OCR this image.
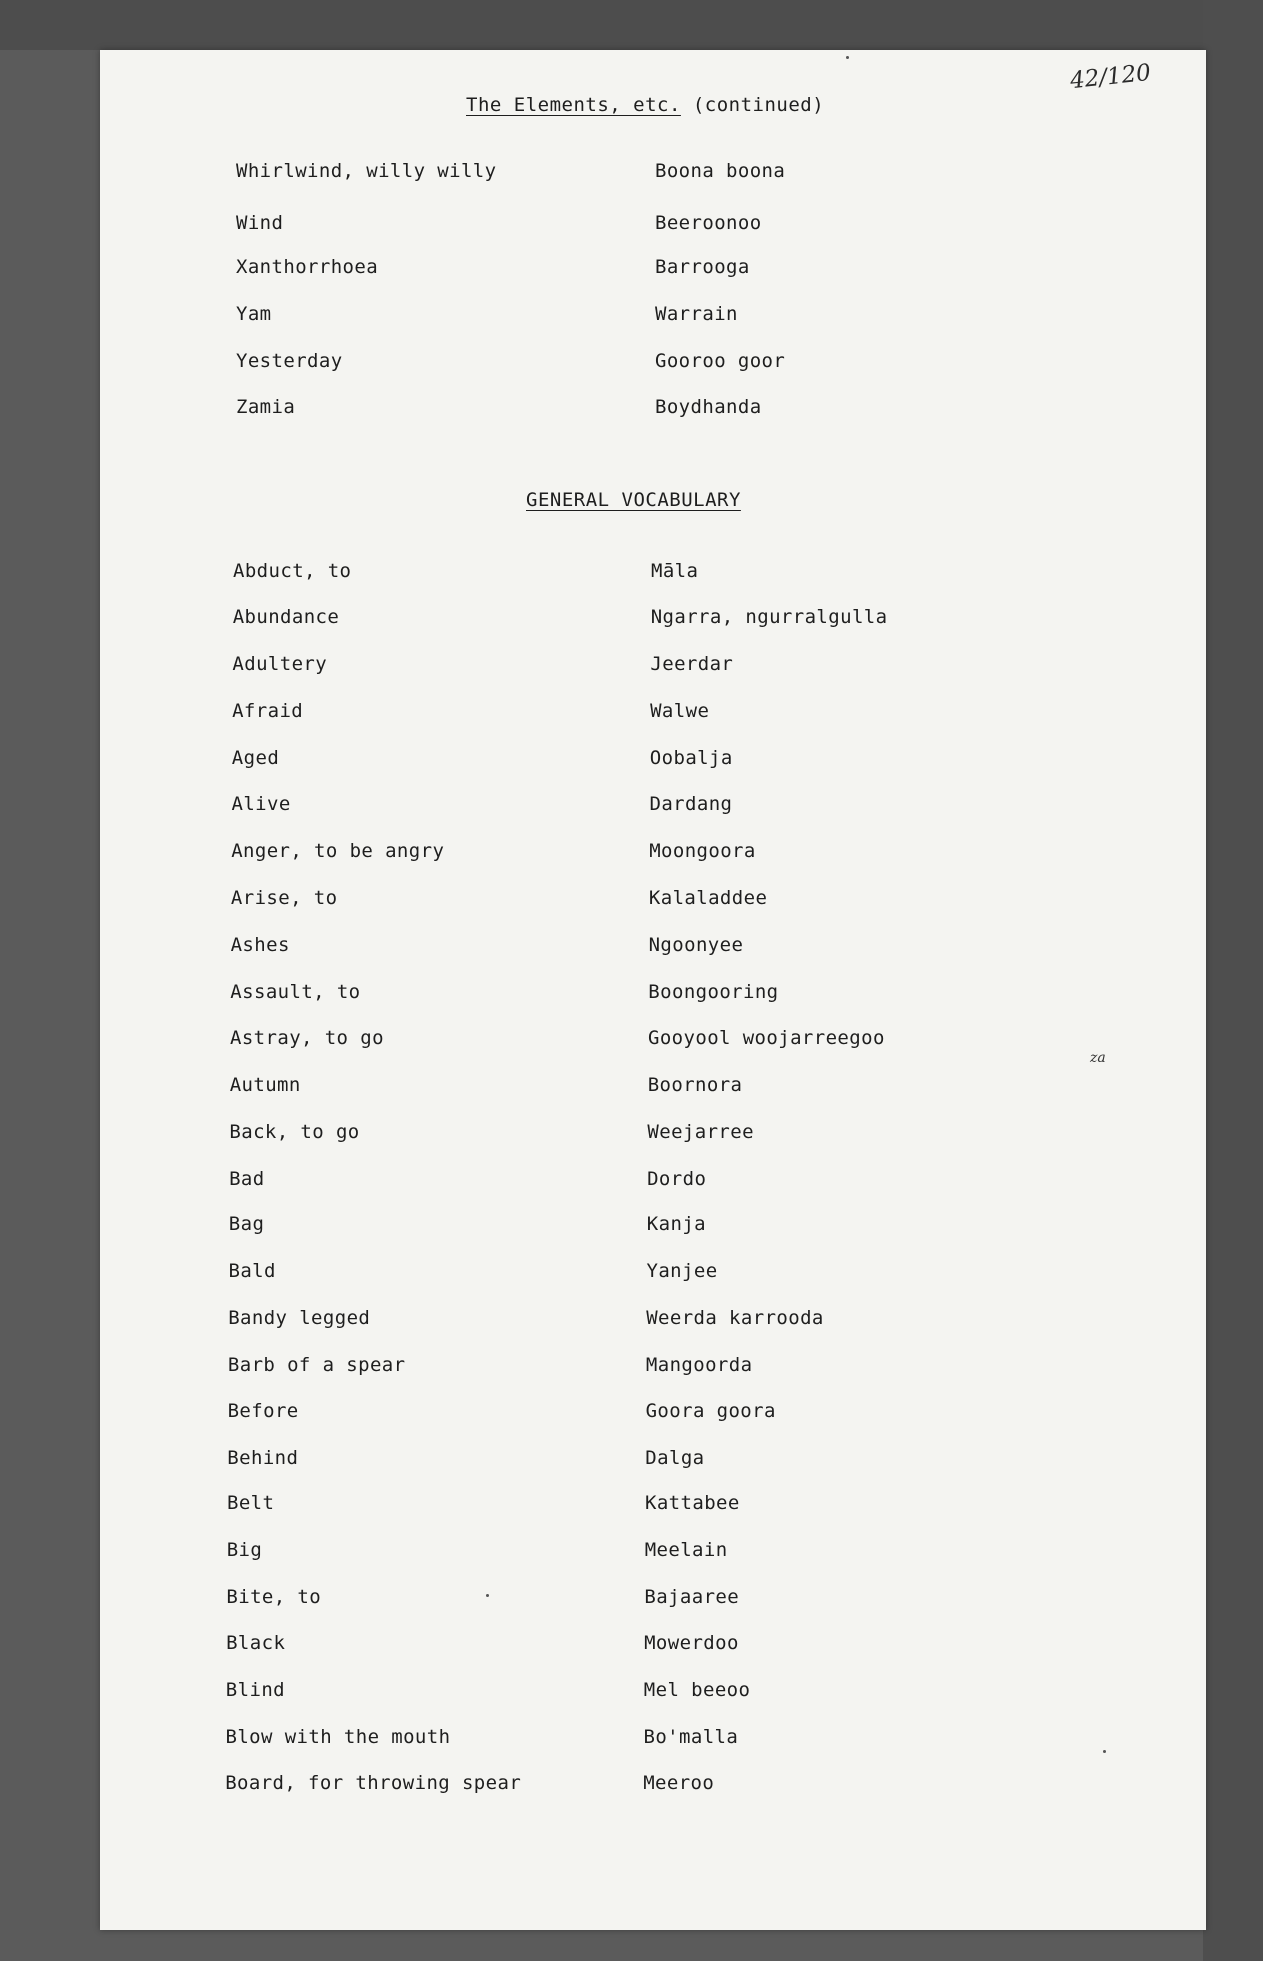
42/120
za
The Elements, etc. (continued)
Whirlwind, willy willy	Boona boona
Wind	Beeroonoo
Xanthorrhoea	Barrooga
Yam	Warrain
Yesterday	Gooroo goor
Zamia	Boydhanda
GENERAL VOCABULARY
Abduct, to	Māla
Abundance	Ngarra, ngurralgulla
Adultery	Jeerdar
Afraid	Walwe
Aged	Oobalja
Alive	Dardang
Anger, to be angry	Moongoora
Arise, to	Kalaladdee
Ashes	Ngoonyee
Assault, to	Boongooring
Astray, to go	Gooyool woojarreegoo
Autumn	Boornora
Back, to go	Weejarree
Bad	Dordo
Bag	Kanja
Bald	Yanjee
Bandy legged	Weerda karrooda
Barb of a spear	Mangoorda
Before	Goora goora
Behind	Dalga
Belt	Kattabee
Big	Meelain
Bite, to	Bajaaree
Black	Mowerdoo
Blind	Mel beeoo
Blow with the mouth	Bo'malla
Board, for throwing spear	Meeroo
